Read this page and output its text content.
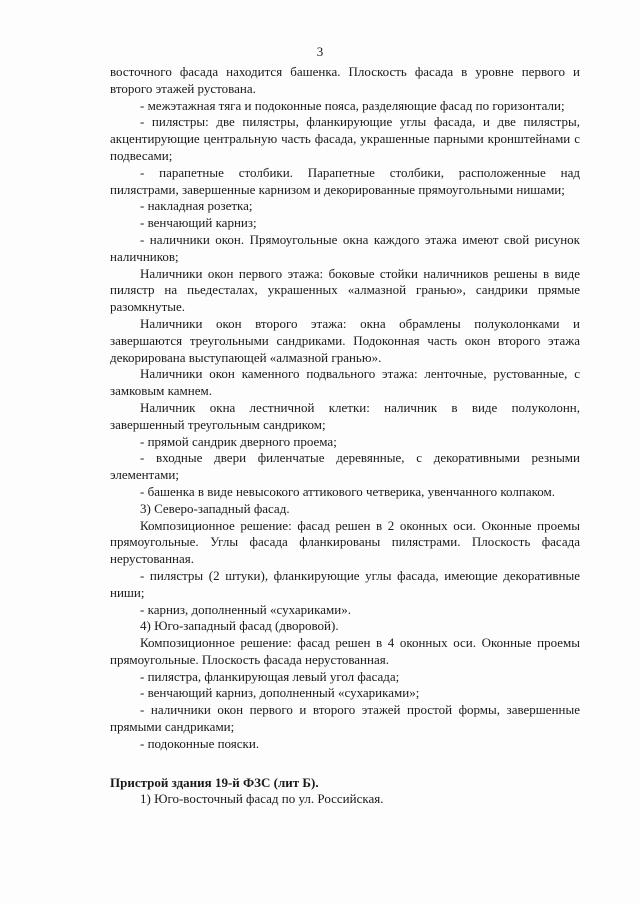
3

восточного фасада находится башенка. Плоскость фасада в уровне первого и второго этажей рустована.

- межэтажная тяга и подоконные пояса, разделяющие фасад по горизонтали;

- пилястры: две пилястры, фланкирующие углы фасада, и две пилястры, акцентирующие центральную часть фасада, украшенные парными кронштейнами с подвесами;

- парапетные столбики. Парапетные столбики, расположенные над пилястрами, завершенные карнизом и декорированные прямоугольными нишами;

- накладная розетка;

- венчающий карниз;

- наличники окон. Прямоугольные окна каждого этажа имеют свой рисунок наличников;

Наличники окон первого этажа: боковые стойки наличников решены в виде пилястр на пьедесталах, украшенных «алмазной гранью», сандрики прямые разомкнутые.

Наличники окон второго этажа: окна обрамлены полуколонками и завершаются треугольными сандриками. Подоконная часть окон второго этажа декорирована выступающей «алмазной гранью».

Наличники окон каменного подвального этажа: ленточные, рустованные, с замковым камнем.

Наличник окна лестничной клетки: наличник в виде полуколонн, завершенный треугольным сандриком;

- прямой сандрик дверного проема;

- входные двери филенчатые деревянные, с декоративными резными элементами;

- башенка в виде невысокого аттикового четверика, увенчанного колпаком.

3) Северо-западный фасад.

Композиционное решение: фасад решен в 2 оконных оси. Оконные проемы прямоугольные. Углы фасада фланкированы пилястрами. Плоскость фасада нерустованная.

- пилястры (2 штуки), фланкирующие углы фасада, имеющие декоративные ниши;

- карниз, дополненный «сухариками».

4) Юго-западный фасад (дворовой).

Композиционное решение: фасад решен в 4 оконных оси. Оконные проемы прямоугольные. Плоскость фасада нерустованная.

- пилястра, фланкирующая левый угол фасада;

- венчающий карниз, дополненный «сухариками»;

- наличники окон первого и второго этажей простой формы, завершенные прямыми сандриками;

- подоконные пояски.

Пристрой здания 19-й ФЗС (лит Б).

1) Юго-восточный фасад по ул. Российская.
